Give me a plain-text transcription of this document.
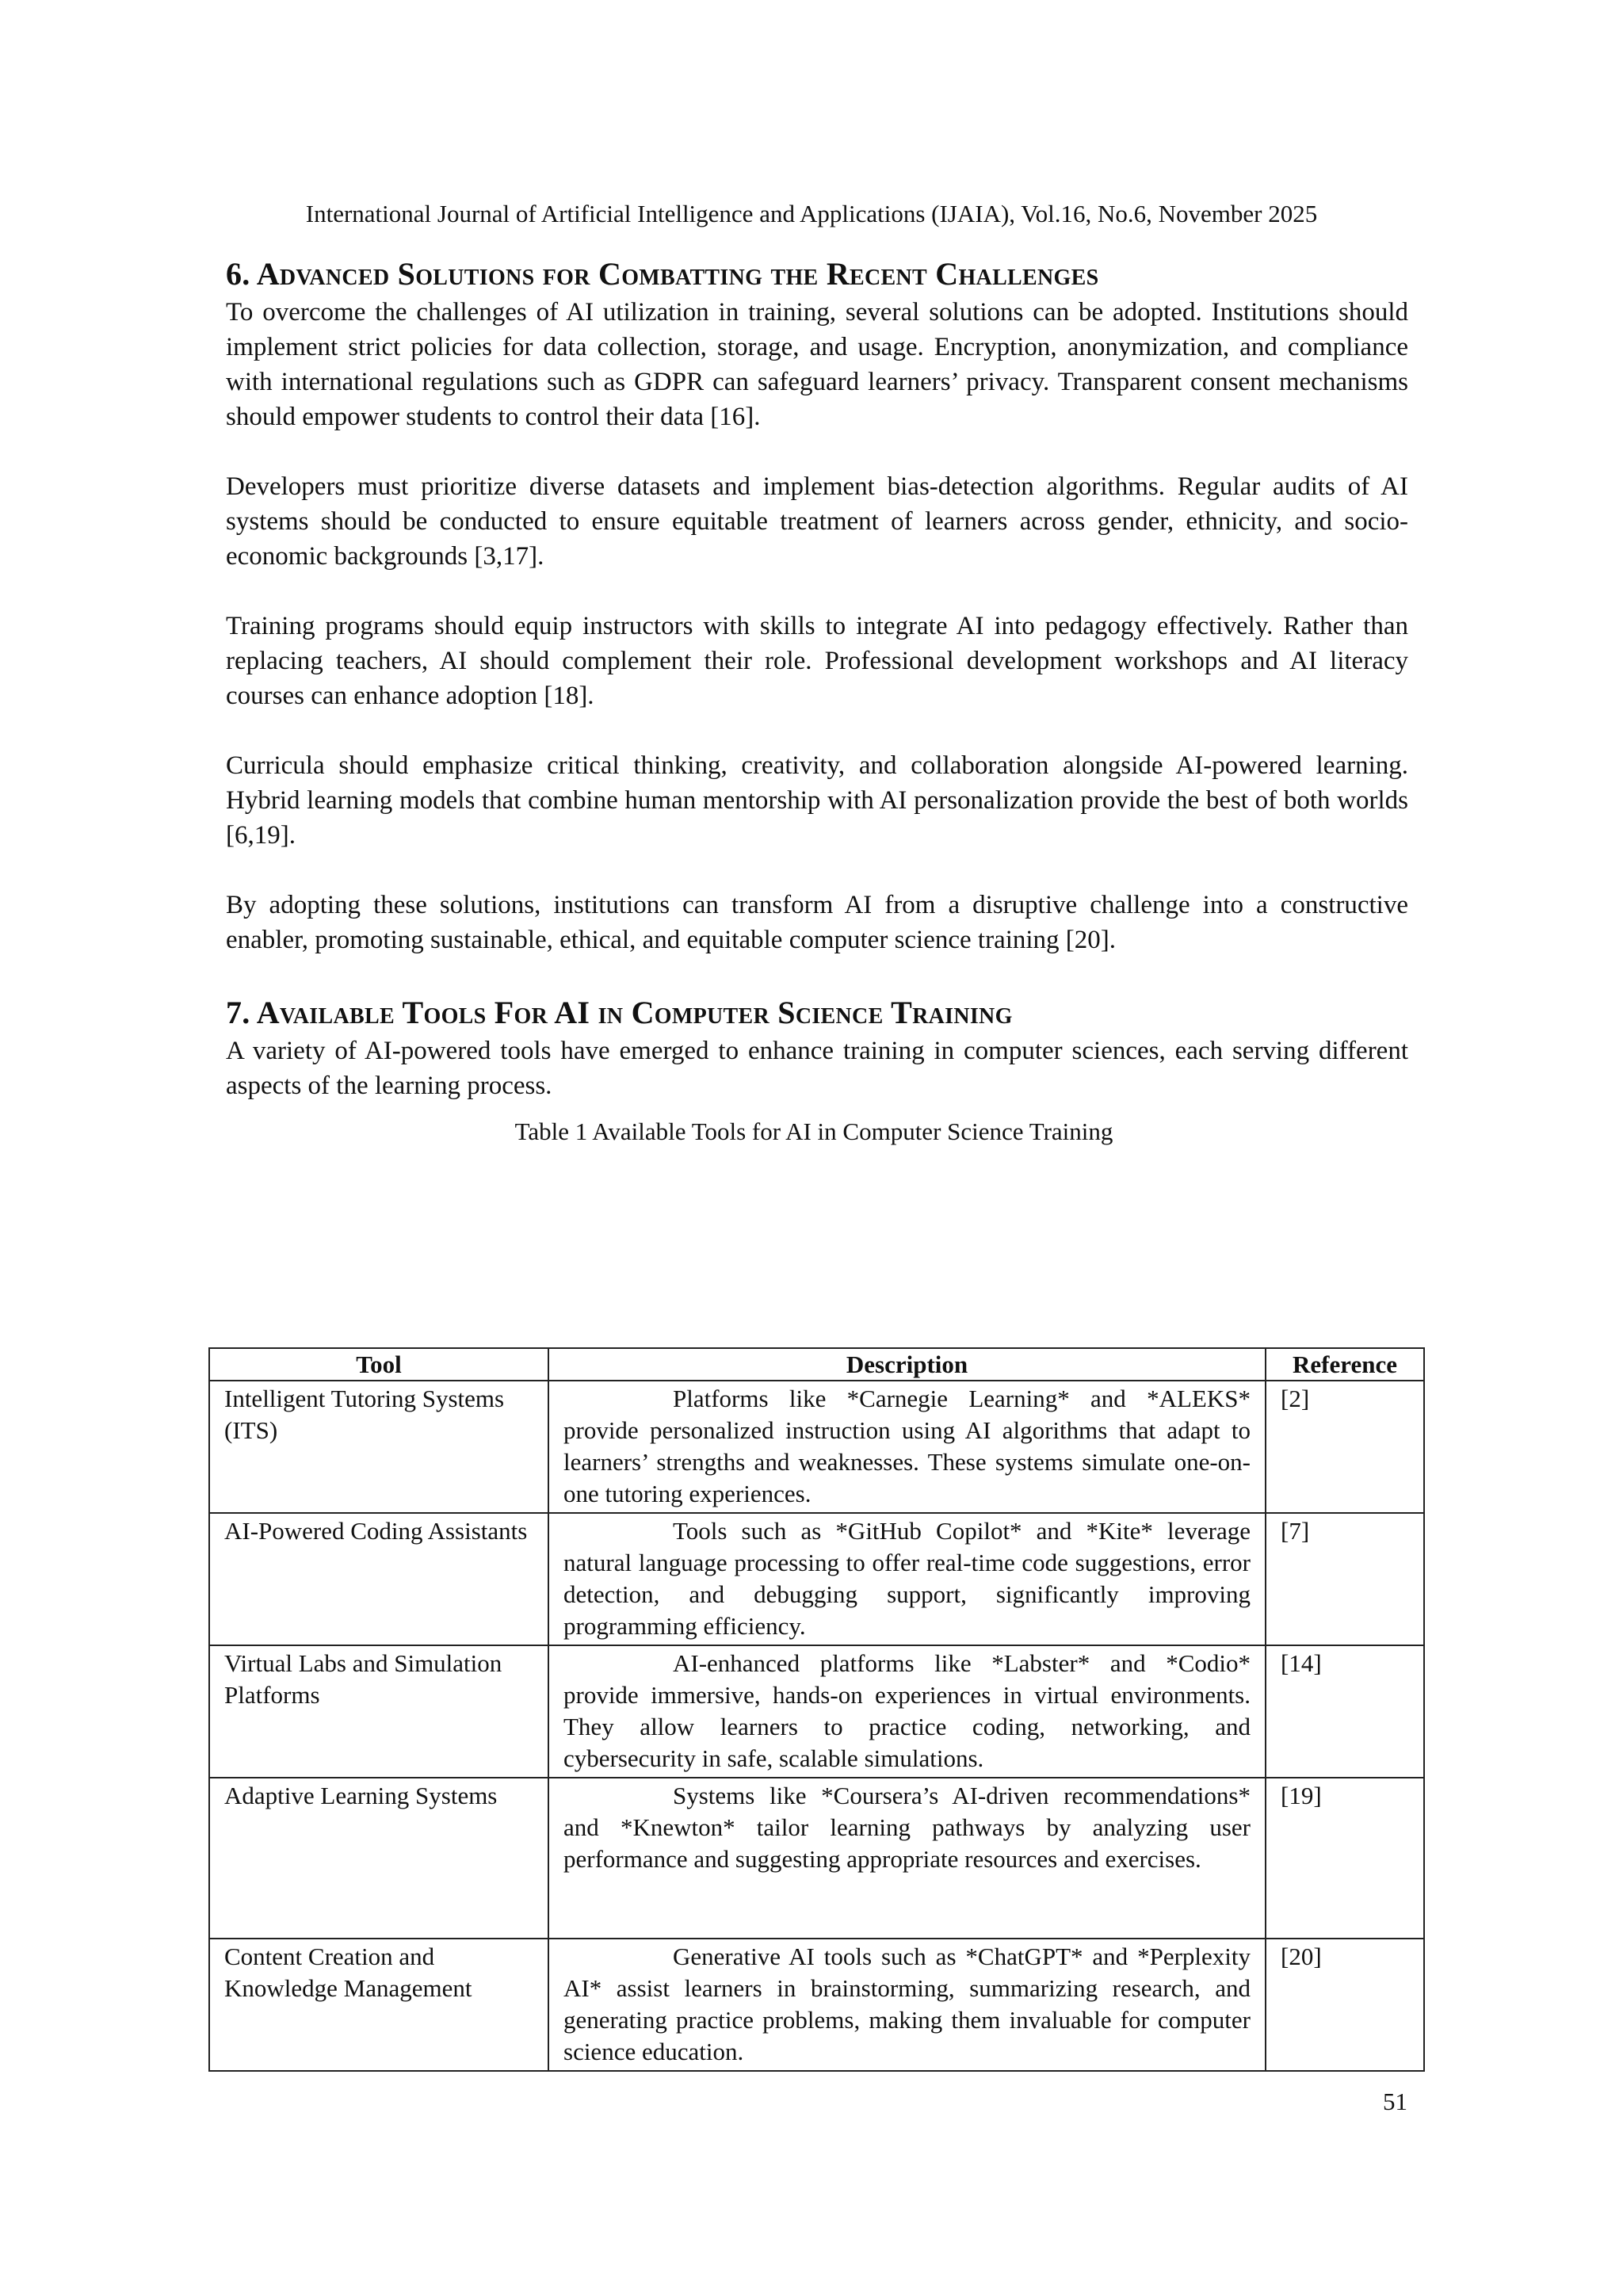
International Journal of Artificial Intelligence and Applications (IJAIA), Vol.16, No.6, November 2025
6. Advanced Solutions for Combatting the Recent Challenges

To overcome the challenges of AI utilization in training, several solutions can be adopted. Institutions should implement strict policies for data collection, storage, and usage. Encryption, anonymization, and compliance with international regulations such as GDPR can safeguard learners’ privacy. Transparent consent mechanisms should empower students to control their data [16].

Developers must prioritize diverse datasets and implement bias-detection algorithms. Regular audits of AI systems should be conducted to ensure equitable treatment of learners across gender, ethnicity, and socio-economic backgrounds [3,17].

Training programs should equip instructors with skills to integrate AI into pedagogy effectively. Rather than replacing teachers, AI should complement their role. Professional development workshops and AI literacy courses can enhance adoption [18].

Curricula should emphasize critical thinking, creativity, and collaboration alongside AI-powered learning. Hybrid learning models that combine human mentorship with AI personalization provide the best of both worlds [6,19].

By adopting these solutions, institutions can transform AI from a disruptive challenge into a constructive enabler, promoting sustainable, ethical, and equitable computer science training [20].

7. Available Tools For AI in Computer Science Training

A variety of AI-powered tools have emerged to enhance training in computer sciences, each serving different aspects of the learning process.

Table 1 Available Tools for AI in Computer Science Training
Tool	Description	Reference
Intelligent Tutoring Systems (ITS)	Platforms like *Carnegie Learning* and *ALEKS* provide personalized instruction using AI algorithms that adapt to learners’ strengths and weaknesses. These systems simulate one-on-one tutoring experiences.	[2]
AI-Powered Coding Assistants	Tools such as *GitHub Copilot* and *Kite* leverage natural language processing to offer real-time code suggestions, error detection, and debugging support, significantly improving programming efficiency.	[7]
Virtual Labs and Simulation Platforms	AI-enhanced platforms like *Labster* and *Codio* provide immersive, hands-on experiences in virtual environments. They allow learners to practice coding, networking, and cybersecurity in safe, scalable simulations.	[14]
Adaptive Learning Systems	Systems like *Coursera’s AI-driven recommendations* and *Knewton* tailor learning pathways by analyzing user performance and suggesting appropriate resources and exercises.	[19]
Content Creation and Knowledge Management	Generative AI tools such as *ChatGPT* and *Perplexity AI* assist learners in brainstorming, summarizing research, and generating practice problems, making them invaluable for computer science education.	[20]
51
